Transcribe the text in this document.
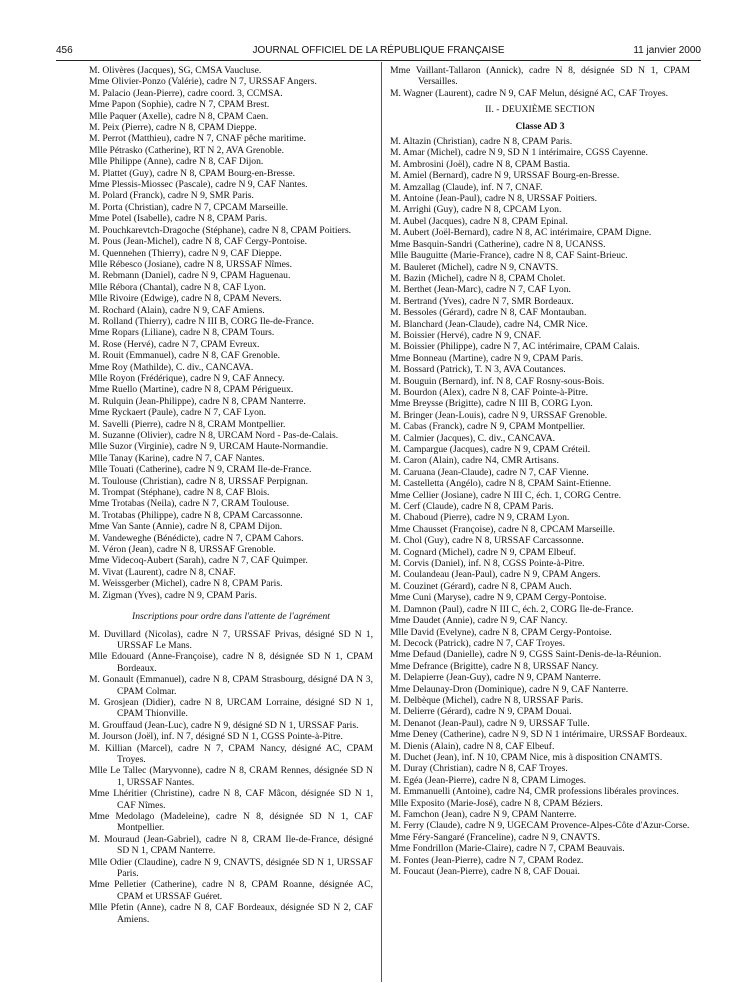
456	JOURNAL OFFICIEL DE LA RÉPUBLIQUE FRANÇAISE	11 janvier 2000
M. Olivères (Jacques), SG, CMSA Vaucluse.
Mme Olivier-Ponzo (Valérie), cadre N 7, URSSAF Angers.
M. Palacio (Jean-Pierre), cadre coord. 3, CCMSA.
Mme Papon (Sophie), cadre N 7, CPAM Brest.
Mlle Paquer (Axelle), cadre N 8, CPAM Caen.
M. Peix (Pierre), cadre N 8, CPAM Dieppe.
M. Perrot (Matthieu), cadre N 7, CNAF pêche maritime.
Mlle Pétrasko (Catherine), RT N 2, AVA Grenoble.
Mlle Philippe (Anne), cadre N 8, CAF Dijon.
M. Plattet (Guy), cadre N 8, CPAM Bourg-en-Bresse.
Mme Plessis-Miossec (Pascale), cadre N 9, CAF Nantes.
M. Polard (Franck), cadre N 9, SMR Paris.
M. Porta (Christian), cadre N 7, CPCAM Marseille.
Mme Potel (Isabelle), cadre N 8, CPAM Paris.
M. Pouchkarevtch-Dragoche (Stéphane), cadre N 8, CPAM Poitiers.
M. Pous (Jean-Michel), cadre N 8, CAF Cergy-Pontoise.
M. Quennehen (Thierry), cadre N 9, CAF Dieppe.
Mlle Rébesco (Josiane), cadre N 8, URSSAF Nîmes.
M. Rebmann (Daniel), cadre N 9, CPAM Haguenau.
Mlle Rébora (Chantal), cadre N 8, CAF Lyon.
Mlle Rivoire (Edwige), cadre N 8, CPAM Nevers.
M. Rochard (Alain), cadre N 9, CAF Amiens.
M. Rolland (Thierry), cadre N III B, CORG Ile-de-France.
Mme Ropars (Liliane), cadre N 8, CPAM Tours.
M. Rose (Hervé), cadre N 7, CPAM Evreux.
M. Rouit (Emmanuel), cadre N 8, CAF Grenoble.
Mme Roy (Mathilde), C. div., CANCAVA.
Mlle Royon (Frédérique), cadre N 9, CAF Annecy.
Mme Ruello (Martine), cadre N 8, CPAM Périgueux.
M. Rulquin (Jean-Philippe), cadre N 8, CPAM Nanterre.
Mme Ryckaert (Paule), cadre N 7, CAF Lyon.
M. Savelli (Pierre), cadre N 8, CRAM Montpellier.
M. Suzanne (Olivier), cadre N 8, URCAM Nord - Pas-de-Calais.
Mlle Suzor (Virginie), cadre N 9, URCAM Haute-Normandie.
Mlle Tanay (Karine), cadre N 7, CAF Nantes.
Mlle Touati (Catherine), cadre N 9, CRAM Ile-de-France.
M. Toulouse (Christian), cadre N 8, URSSAF Perpignan.
M. Trompat (Stéphane), cadre N 8, CAF Blois.
Mme Trotabas (Neila), cadre N 7, CRAM Toulouse.
M. Trotabas (Philippe), cadre N 8, CPAM Carcassonne.
Mme Van Sante (Annie), cadre N 8, CPAM Dijon.
M. Vandeweghe (Bénédicte), cadre N 7, CPAM Cahors.
M. Véron (Jean), cadre N 8, URSSAF Grenoble.
Mme Videcoq-Aubert (Sarah), cadre N 7, CAF Quimper.
M. Vivat (Laurent), cadre N 8, CNAF.
M. Weissgerber (Michel), cadre N 8, CPAM Paris.
M. Zigman (Yves), cadre N 9, CPAM Paris.
Inscriptions pour ordre dans l'attente de l'agrément
M. Duvillard (Nicolas), cadre N 7, URSSAF Privas, désigné SD N 1, URSSAF Le Mans.
Mlle Edouard (Anne-Françoise), cadre N 8, désignée SD N 1, CPAM Bordeaux.
M. Gonault (Emmanuel), cadre N 8, CPAM Strasbourg, désigné DA N 3, CPAM Colmar.
M. Grosjean (Didier), cadre N 8, URCAM Lorraine, désigné SD N 1, CPAM Thionville.
M. Grouffaud (Jean-Luc), cadre N 9, désigné SD N 1, URSSAF Paris.
M. Jourson (Joël), inf. N 7, désigné SD N 1, CGSS Pointe-à-Pitre.
M. Killian (Marcel), cadre N 7, CPAM Nancy, désigné AC, CPAM Troyes.
Mlle Le Tallec (Maryvonne), cadre N 8, CRAM Rennes, désignée SD N 1, URSSAF Nantes.
Mme Lhéritier (Christine), cadre N 8, CAF Mâcon, désignée SD N 1, CAF Nîmes.
Mme Medolago (Madeleine), cadre N 8, désignée SD N 1, CAF Montpellier.
M. Mouraud (Jean-Gabriel), cadre N 8, CRAM Ile-de-France, désigné SD N 1, CPAM Nanterre.
Mlle Odier (Claudine), cadre N 9, CNAVTS, désignée SD N 1, URSSAF Paris.
Mme Pelletier (Catherine), cadre N 8, CPAM Roanne, désignée AC, CPAM et URSSAF Guéret.
Mlle Pfetin (Anne), cadre N 8, CAF Bordeaux, désignée SD N 2, CAF Amiens.
Mme Vaillant-Tallaron (Annick), cadre N 8, désignée SD N 1, CPAM Versailles.
M. Wagner (Laurent), cadre N 9, CAF Melun, désigné AC, CAF Troyes.
II. - DEUXIÈME SECTION
Classe AD 3
M. Altazin (Christian), cadre N 8, CPAM Paris.
M. Amar (Michel), cadre N 9, SD N 1 intérimaire, CGSS Cayenne.
M. Ambrosini (Joël), cadre N 8, CPAM Bastia.
M. Amiel (Bernard), cadre N 9, URSSAF Bourg-en-Bresse.
M. Amzallag (Claude), inf. N 7, CNAF.
M. Antoine (Jean-Paul), cadre N 8, URSSAF Poitiers.
M. Arrighi (Guy), cadre N 8, CPCAM Lyon.
M. Aubel (Jacques), cadre N 8, CPAM Epinal.
M. Aubert (Joël-Bernard), cadre N 8, AC intérimaire, CPAM Digne.
Mme Basquin-Sandri (Catherine), cadre N 8, UCANSS.
Mlle Bauguitte (Marie-France), cadre N 8, CAF Saint-Brieuc.
M. Bauleret (Michel), cadre N 9, CNAVTS.
M. Bazin (Michel), cadre N 8, CPAM Cholet.
M. Berthet (Jean-Marc), cadre N 7, CAF Lyon.
M. Bertrand (Yves), cadre N 7, SMR Bordeaux.
M. Bessoles (Gérard), cadre N 8, CAF Montauban.
M. Blanchard (Jean-Claude), cadre N4, CMR Nice.
M. Boissier (Hervé), cadre N 9, CNAF.
M. Boissier (Philippe), cadre N 7, AC intérimaire, CPAM Calais.
Mme Bonneau (Martine), cadre N 9, CPAM Paris.
M. Bossard (Patrick), T. N 3, AVA Coutances.
M. Bouguin (Bernard), inf. N 8, CAF Rosny-sous-Bois.
M. Bourdon (Alex), cadre N 8, CAF Pointe-à-Pitre.
Mme Breysse (Brigitte), cadre N III B, CORG Lyon.
M. Bringer (Jean-Louis), cadre N 9, URSSAF Grenoble.
M. Cabas (Franck), cadre N 9, CPAM Montpellier.
M. Calmier (Jacques), C. div., CANCAVA.
M. Campargue (Jacques), cadre N 9, CPAM Créteil.
M. Caron (Alain), cadre N4, CMR Artisans.
M. Caruana (Jean-Claude), cadre N 7, CAF Vienne.
M. Castelletta (Angélo), cadre N 8, CPAM Saint-Etienne.
Mme Cellier (Josiane), cadre N III C, éch. 1, CORG Centre.
M. Cerf (Claude), cadre N 8, CPAM Paris.
M. Chaboud (Pierre), cadre N 9, CRAM Lyon.
Mme Chausset (Françoise), cadre N 8, CPCAM Marseille.
M. Chol (Guy), cadre N 8, URSSAF Carcassonne.
M. Cognard (Michel), cadre N 9, CPAM Elbeuf.
M. Corvis (Daniel), inf. N 8, CGSS Pointe-à-Pitre.
M. Coulandeau (Jean-Paul), cadre N 9, CPAM Angers.
M. Couzinet (Gérard), cadre N 8, CPAM Auch.
Mme Cuni (Maryse), cadre N 9, CPAM Cergy-Pontoise.
M. Damnon (Paul), cadre N III C, éch. 2, CORG Ile-de-France.
Mme Daudet (Annie), cadre N 9, CAF Nancy.
Mlle David (Evelyne), cadre N 8, CPAM Cergy-Pontoise.
M. Decock (Patrick), cadre N 7, CAF Troyes.
Mme Defaud (Danielle), cadre N 9, CGSS Saint-Denis-de-la-Réunion.
Mme Defrance (Brigitte), cadre N 8, URSSAF Nancy.
M. Delapierre (Jean-Guy), cadre N 9, CPAM Nanterre.
Mme Delaunay-Dron (Dominique), cadre N 9, CAF Nanterre.
M. Delbèque (Michel), cadre N 8, URSSAF Paris.
M. Delierre (Gérard), cadre N 9, CPAM Douai.
M. Denanot (Jean-Paul), cadre N 9, URSSAF Tulle.
Mme Deney (Catherine), cadre N 9, SD N 1 intérimaire, URSSAF Bordeaux.
M. Dienis (Alain), cadre N 8, CAF Elbeuf.
M. Duchet (Jean), inf. N 10, CPAM Nice, mis à disposition CNAMTS.
M. Duray (Christian), cadre N 8, CAF Troyes.
M. Egéa (Jean-Pierre), cadre N 8, CPAM Limoges.
M. Emmanuelli (Antoine), cadre N4, CMR professions libérales provinces.
Mlle Exposito (Marie-José), cadre N 8, CPAM Béziers.
M. Famchon (Jean), cadre N 9, CPAM Nanterre.
M. Ferry (Claude), cadre N 9, UGECAM Provence-Alpes-Côte d'Azur-Corse.
Mme Féry-Sangaré (Franceline), cadre N 9, CNAVTS.
Mme Fondrillon (Marie-Claire), cadre N 7, CPAM Beauvais.
M. Fontes (Jean-Pierre), cadre N 7, CPAM Rodez.
M. Foucaut (Jean-Pierre), cadre N 8, CAF Douai.
